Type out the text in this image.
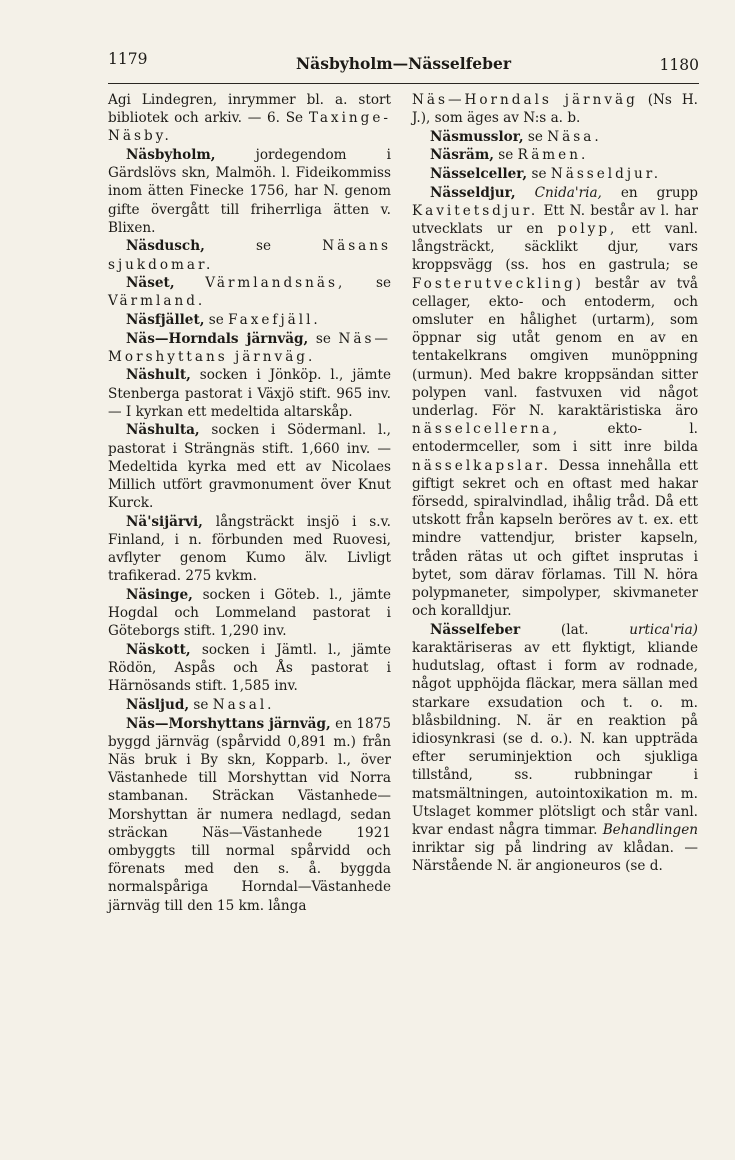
1179	Näsbyholm—Nässelfeber	1180

Agi Lindegren, inrymmer bl. a. stort bibliotek och arkiv. — 6. Se Taxinge-Näsby.

Näsbyholm, jordegendom i Gärdslövs skn, Malmöh. l. Fideikommiss inom ätten Finecke 1756, har N. genom gifte övergått till friherrliga ätten v. Blixen.

Näsdusch, se Näsans sjukdomar.

Näset, Värmlandsnäs, se Värmland.

Näsfjället, se Faxefjäll.

Näs—Horndals järnväg, se Näs—Morshyttans järnväg.

Näshult, socken i Jönköp. l., jämte Stenberga pastorat i Växjö stift. 965 inv. — I kyrkan ett medeltida altarskåp.

Näshulta, socken i Södermanl. l., pastorat i Strängnäs stift. 1,660 inv. — Medeltida kyrka med ett av Nicolaes Millich utfört gravmonument över Knut Kurck.

Nä'sijärvi, långsträckt insjö i s.v. Finland, i n. förbunden med Ruovesi, avflyter genom Kumo älv. Livligt trafikerad. 275 kvkm.

Näsinge, socken i Göteb. l., jämte Hogdal och Lommeland pastorat i Göteborgs stift. 1,290 inv.

Näskott, socken i Jämtl. l., jämte Rödön, Aspås och Ås pastorat i Härnösands stift. 1,585 inv.

Näsljud, se Nasal.

Näs—Morshyttans järnväg, en 1875 byggd järnväg (spårvidd 0,891 m.) från Näs bruk i By skn, Kopparb. l., över Västanhede till Morshyttan vid Norra stambanan. Sträckan Västanhede—Morshyttan är numera nedlagd, sedan sträckan Näs—Västanhede 1921 ombyggts till normal spårvidd och förenats med den s. å. byggda normalspåriga Horndal—Västanhede järnväg till den 15 km. långa

Näs—Horndals järnväg (Ns H. J.), som äges av N:s a. b.

Näsmusslor, se Näsa.

Näsräm, se Rämen.

Nässelceller, se Nässeldjur.

Nässeldjur, Cnida'ria, en grupp Kavitetsdjur. Ett N. består av l. har utvecklats ur en polyp, ett vanl. långsträckt, säcklikt djur, vars kroppsvägg (ss. hos en gastrula; se Fosterutveckling) består av två cellager, ekto- och entoderm, och omsluter en hålighet (urtarm), som öppnar sig utåt genom en av en tentakelkrans omgiven munöppning (urmun). Med bakre kroppsändan sitter polypen vanl. fastvuxen vid något underlag. För N. karaktäristiska äro nässelcellerna, ekto- l. entodermceller, som i sitt inre bilda nässelkapslar. Dessa innehålla ett giftigt sekret och en oftast med hakar försedd, spiralvindlad, ihålig tråd. Då ett utskott från kapseln beröres av t. ex. ett mindre vattendjur, brister kapseln, tråden rätas ut och giftet insprutas i bytet, som därav förlamas. Till N. höra polypmaneter, simpolyper, skivmaneter och koralldjur.

Nässelfeber (lat. urtica'ria) karaktäriseras av ett flyktigt, kliande hudutslag, oftast i form av rodnade, något upphöjda fläckar, mera sällan med starkare exsudation och t. o. m. blåsbildning. N. är en reaktion på idiosynkrasi (se d. o.). N. kan uppträda efter seruminjektion och sjukliga tillstånd, ss. rubbningar i matsmältningen, autointoxikation m. m. Utslaget kommer plötsligt och står vanl. kvar endast några timmar. Behandlingen inriktar sig på lindring av klådan. — Närstående N. är angioneuros (se d.
